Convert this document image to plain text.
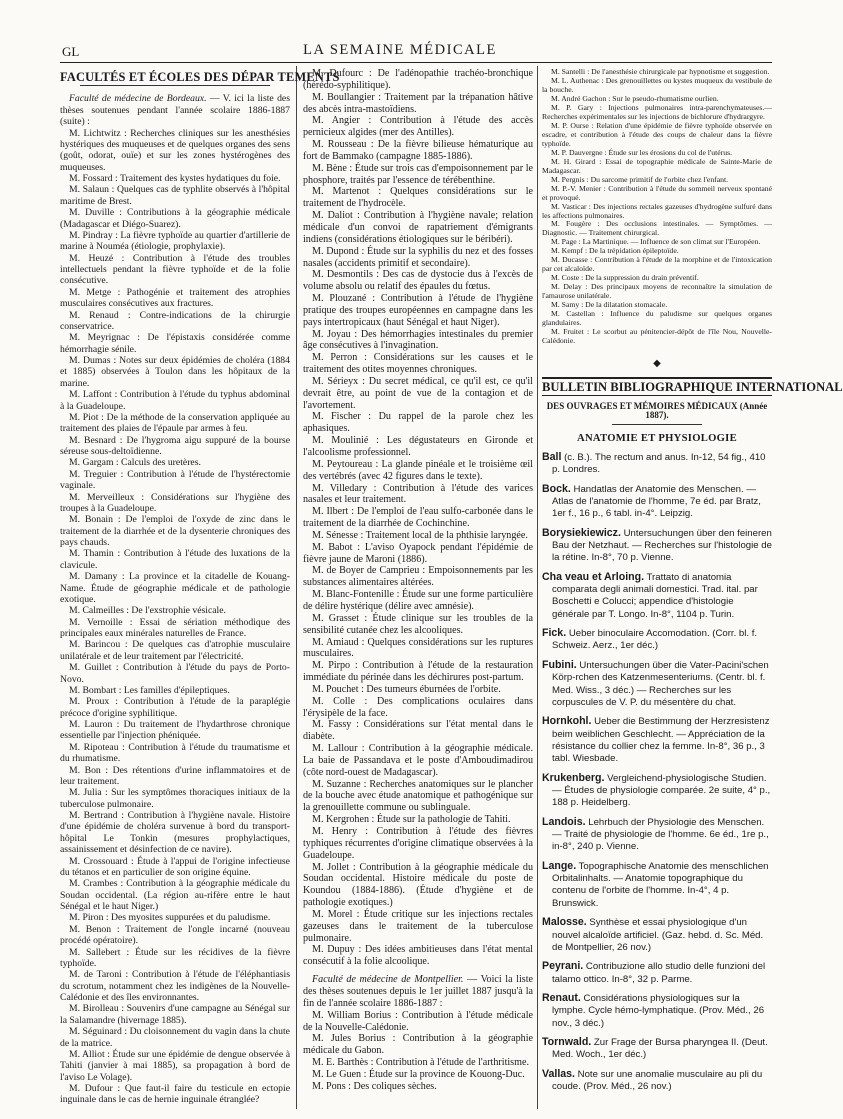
GL	LA SEMAINE MÉDICALE
FACULTÉS ET ÉCOLES DES DÉPAR TEMENTS

Faculté de médecine de Bordeaux. — V. ici la liste des thèses soutenues pendant l'année scolaire 1886-1887 (suite) :

M. Lichtwitz : Recherches cliniques sur les anesthésies hystériques des muqueuses et de quelques organes des sens (goût, odorat, ouïe) et sur les zones hystérogènes des muqueuses.

M. Fossard : Traitement des kystes hydatiques du foie.

M. Salaun : Quelques cas de typhlite observés à l'hôpital maritime de Brest.

M. Duville : Contributions à la géographie médicale (Madagascar et Diégo-Suarez).

M. Pindray : La fièvre typhoïde au quartier d'artillerie de marine à Nouméa (étiologie, prophylaxie).

M. Heuzé : Contribution à l'étude des troubles intellectuels pendant la fièvre typhoïde et de la folie consécutive.

M. Metge : Pathogénie et traitement des atrophies musculaires consécutives aux fractures.

M. Renaud : Contre-indications de la chirurgie conservatrice.

M. Meyrignac : De l'épistaxis considérée comme hémorrhagie sénile.

M. Dumas : Notes sur deux épidémies de choléra (1884 et 1885) observées à Toulon dans les hôpitaux de la marine.

M. Laffont : Contribution à l'étude du typhus abdominal à la Guadeloupe.

M. Piot : De la méthode de la conservation appliquée au traitement des plaies de l'épaule par armes à feu.

M. Besnard : De l'hygroma aigu suppuré de la bourse séreuse sous-deltoïdienne.

M. Gargam : Calculs des uretères.

M. Treguier : Contribution à l'étude de l'hystérectomie vaginale.

M. Merveilleux : Considérations sur l'hygiène des troupes à la Guadeloupe.

M. Bonain : De l'emploi de l'oxyde de zinc dans le traitement de la diarrhée et de la dysenterie chroniques des pays chauds.

M. Thamin : Contribution à l'étude des luxations de la clavicule.

M. Damany : La province et la citadelle de Kouang-Name. Étude de géographie médicale et de pathologie exotique.

M. Calmeilles : De l'exstrophie vésicale.

M. Vernoille : Essai de sériation méthodique des principales eaux minérales naturelles de France.

M. Barincou : De quelques cas d'atrophie musculaire unilatérale et de leur traitement par l'électricité.

M. Guillet : Contribution à l'étude du pays de Porto-Novo.

M. Bombart : Les familles d'épileptiques.

M. Proux : Contribution à l'étude de la paraplégie précoce d'origine syphilitique.

M. Lauron : Du traitement de l'hydarthrose chronique essentielle par l'injection phéniquée.

M. Ripoteau : Contribution à l'étude du traumatisme et du rhumatisme.

M. Bon : Des rétentions d'urine inflammatoires et de leur traitement.

M. Julia : Sur les symptômes thoraciques initiaux de la tuberculose pulmonaire.

M. Bertrand : Contribution à l'hygiène navale. Histoire d'une épidémie de choléra survenue à bord du transport-hôpital Le Tonkin (mesures prophylactiques, assainissement et désinfection de ce navire).

M. Crossouard : Étude à l'appui de l'origine infectieuse du tétanos et en particulier de son origine équine.

M. Crambes : Contribution à la géographie médicale du Soudan occidental. (La région au-rifère entre le haut Sénégal et le haut Niger.)

M. Piron : Des myosites suppurées et du paludisme.

M. Benon : Traitement de l'ongle incarné (nouveau procédé opératoire).

M. Sallebert : Étude sur les récidives de la fièvre typhoïde.

M. de Taroni : Contribution à l'étude de l'éléphantiasis du scrotum, notamment chez les indigènes de la Nouvelle-Calédonie et des îles environnantes.

M. Birolleau : Souvenirs d'une campagne au Sénégal sur la Salamandre (hivernage 1885).

M. Séguinard : Du cloisonnement du vagin dans la chute de la matrice.

M. Alliot : Étude sur une épidémie de dengue observée à Tahiti (janvier à mai 1885), sa propagation à bord de l'aviso Le Volage).

M. Dufour : Que faut-il faire du testicule en ectopie inguinale dans le cas de hernie inguinale étranglée?

M. Dufourc : De l'adénopathie trachéo-bronchique (hérédo-syphilitique).

M. Boullangier : Traitement par la trépanation hâtive des abcès intra-mastoïdiens.

M. Angier : Contribution à l'étude des accès pernicieux algides (mer des Antilles).

M. Rousseau : De la fièvre bilieuse hématurique au fort de Bammako (campagne 1885-1886).

M. Bène : Étude sur trois cas d'empoisonnement par le phosphore, traités par l'essence de térébenthine.

M. Martenot : Quelques considérations sur le traitement de l'hydrocèle.

M. Daliot : Contribution à l'hygiène navale; relation médicale d'un convoi de rapatriement d'émigrants indiens (considérations étiologiques sur le béribéri).

M. Dupond : Étude sur la syphilis du nez et des fosses nasales (accidents primitif et secondaire).

M. Desmontils : Des cas de dystocie dus à l'excès de volume absolu ou relatif des épaules du fœtus.

M. Plouzané : Contribution à l'étude de l'hygiène pratique des troupes européennes en campagne dans les pays intertropicaux (haut Sénégal et haut Niger).

M. Joyau : Des hémorrhagies intestinales du premier âge consécutives à l'invagination.

M. Perron : Considérations sur les causes et le traitement des otites moyennes chroniques.

M. Sérieyx : Du secret médical, ce qu'il est, ce qu'il devrait être, au point de vue de la contagion et de l'avortement.

M. Fischer : Du rappel de la parole chez les aphasiques.

M. Moulinié : Les dégustateurs en Gironde et l'alcoolisme professionnel.

M. Peytoureau : La glande pinéale et le troisième œil des vertébrés (avec 42 figures dans le texte).

M. Villedary : Contribution à l'étude des varices nasales et leur traitement.

M. Ilbert : De l'emploi de l'eau sulfo-carbonée dans le traitement de la diarrhée de Cochinchine.

M. Sénesse : Traitement local de la phthisie laryngée.

M. Babot : L'aviso Oyapock pendant l'épidémie de fièvre jaune de Maroni (1886).

M. de Boyer de Camprieu : Empoisonnements par les substances alimentaires altérées.

M. Blanc-Fontenille : Étude sur une forme particulière de délire hystérique (délire avec amnésie).

M. Grasset : Étude clinique sur les troubles de la sensibilité cutanée chez les alcooliques.

M. Amiaud : Quelques considérations sur les ruptures musculaires.

M. Pirpo : Contribution à l'étude de la restauration immédiate du périnée dans les déchirures post-partum.

M. Pouchet : Des tumeurs éburnées de l'orbite.

M. Colle : Des complications oculaires dans l'érysipèle de la face.

M. Fassy : Considérations sur l'état mental dans le diabète.

M. Lallour : Contribution à la géographie médicale. La baie de Passandava et le poste d'Amboudimadirou (côte nord-ouest de Madagascar).

M. Suzanne : Recherches anatomiques sur le plancher de la bouche avec étude anatomique et pathogénique sur la grenouillette commune ou sublinguale.

M. Kergrohen : Étude sur la pathologie de Tahiti.

M. Henry : Contribution à l'étude des fièvres typhiques récurrentes d'origine climatique observées à la Guadeloupe.

M. Jollet : Contribution à la géographie médicale du Soudan occidental. Histoire médicale du poste de Koundou (1884-1886). (Étude d'hygiène et de pathologie exotiques.)

M. Morel : Étude critique sur les injections rectales gazeuses dans le traitement de la tuberculose pulmonaire.

M. Dupuy : Des idées ambitieuses dans l'état mental consécutif à la folie alcoolique.

Faculté de médecine de Montpellier. — Voici la liste des thèses soutenues depuis le 1er juillet 1887 jusqu'à la fin de l'année scolaire 1886-1887 :

M. William Borius : Contribution à l'étude médicale de la Nouvelle-Calédonie.

M. Jules Borius : Contribution à la géographie médicale du Gabon.

M. E. Barthès : Contribution à l'étude de l'arthritisme.

M. Le Guen : Étude sur la province de Kouong-Duc.

M. Pons : Des coliques sèches.

M. Santelli : De l'anesthésie chirurgicale par hypnotisme et suggestion.

M. L. Authenac : Des grenouillettes ou kystes muqueux du vestibule de la bouche.

M. André Gachon : Sur le pseudo-rhumatisme ourlien.

M. P. Gary : Injections pulmonaires intra-parenchymateuses.— Recherches expérimentales sur les injections de bichlorure d'hydrargyre.

M. P. Ourse : Relation d'une épidémie de fièvre typhoïde observée en escadre, et contribution à l'étude des coups de chaleur dans la fièvre typhoïde.

M. P. Dauvergne : Étude sur les érosions du col de l'utérus.

M. H. Girard : Essai de topographie médicale de Sainte-Marie de Madagascar.

M. Pergnis : Du sarcome primitif de l'orbite chez l'enfant.

M. P.-V. Menier : Contribution à l'étude du sommeil nerveux spontané et provoqué.

M. Vasticar : Des injections rectales gazeuses d'hydrogène sulfuré dans les affections pulmonaires.

M. Fougère : Des occlusions intestinales. — Symptômes. — Diagnostic. — Traitement chirurgical.

M. Page : La Martinique. — Influence de son climat sur l'Européen.

M. Kempf : De la trépidation épileptoïde.

M. Ducasse : Contribution à l'étude de la morphine et de l'intoxication par cet alcaloïde.

M. Coste : De la suppression du drain préventif.

M. Delay : Des principaux moyens de reconnaître la simulation de l'amaurose unilatérale.

M. Samy : De la dilatation stomacale.

M. Castellan : Influence du paludisme sur quelques organes glandulaires.

M. Fruitet : Le scorbut au pénitencier-dépôt de l'île Nou, Nouvelle-Calédonie.

◆
BULLETIN BIBLIOGRAPHIQUE INTERNATIONAL
DES OUVRAGES ET MÉMOIRES MÉDICAUX (Année 1887).
ANATOMIE ET PHYSIOLOGIE
Ball (c. B.). The rectum and anus. In-12, 54 fig., 410 p. Londres.
Bock. Handatlas der Anatomie des Menschen. — Atlas de l'anatomie de l'homme, 7e éd. par Bratz, 1er f., 16 p., 6 tabl. in-4°. Leipzig.
Borysiekiewicz. Untersuchungen über den feineren Bau der Netzhaut. — Recherches sur l'histologie de la rétine. In-8°, 70 p. Vienne.
Cha veau et Arloing. Trattato di anatomia comparata degli animali domestici. Trad. ital. par Boschetti e Colucci; appendice d'histologie générale par T. Longo. In-8°, 1104 p. Turin.
Fick. Ueber binoculaire Accomodation. (Corr. bl. f. Schweiz. Aerz., 1er déc.)
Fubini. Untersuchungen über die Vater-Pacini'schen Körp-rchen des Katzenmesenteriums. (Centr. bl. f. Med. Wiss., 3 déc.) — Recherches sur les corpuscules de V. P. du mésentère du chat.
Hornkohl. Ueber die Bestimmung der Herzresistenz beim weiblichen Geschlecht. — Appréciation de la résistance du collier chez la femme. In-8°, 36 p., 3 tabl. Wiesbade.
Krukenberg. Vergleichend-physiologische Studien. — Études de physiologie comparée. 2e suite, 4° p., 188 p. Heidelberg.
Landois. Lehrbuch der Physiologie des Menschen. — Traité de physiologie de l'homme. 6e éd., 1re p., in-8°, 240 p. Vienne.
Lange. Topographische Anatomie des menschlichen Orbitalinhalts. — Anatomie topographique du contenu de l'orbite de l'homme. In-4°, 4 p. Brunswick.
Malosse. Synthèse et essai physiologique d'un nouvel alcaloïde artificiel. (Gaz. hebd. d. Sc. Méd. de Montpellier, 26 nov.)
Peyrani. Contribuzione allo studio delle funzioni del talamo ottico. In-8°, 32 p. Parme.
Renaut. Considérations physiologiques sur la lymphe. Cycle hémo-lymphatique. (Prov. Méd., 26 nov., 3 déc.)
Tornwald. Zur Frage der Bursa pharyngea II. (Deut. Med. Woch., 1er déc.)
Vallas. Note sur une anomalie musculaire au pli du coude. (Prov. Méd., 26 nov.)
